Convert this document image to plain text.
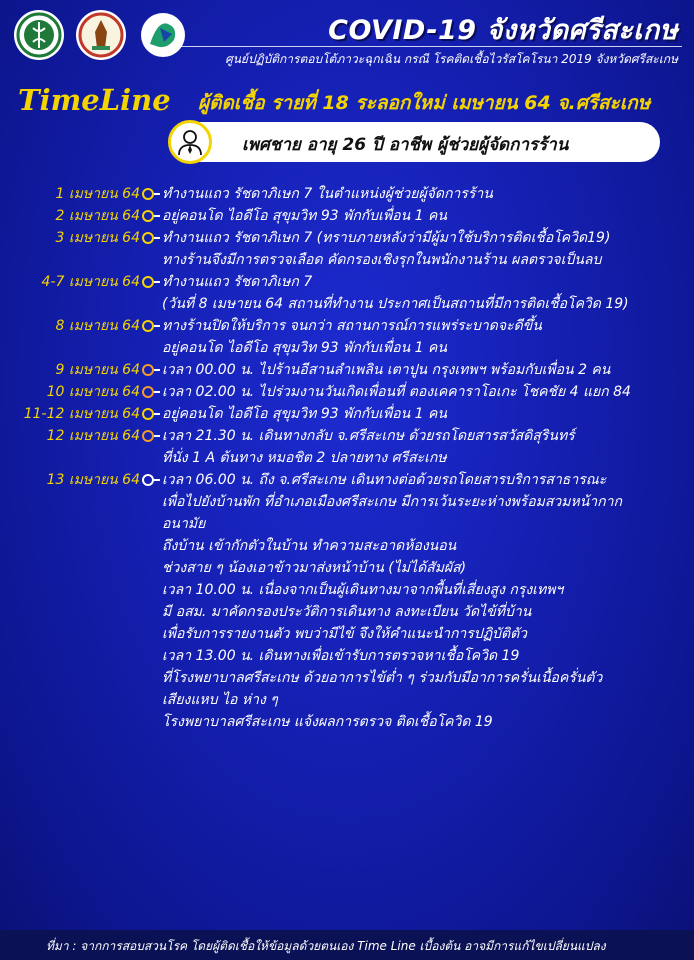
COVID-19 จังหวัดศรีสะเกษ
ศูนย์ปฏิบัติการตอบโต้ภาวะฉุกเฉิน กรณี โรคติดเชื้อไวรัสโคโรนา 2019 จังหวัดศรีสะเกษ
TimeLine ผู้ติดเชื้อ รายที่ 18 ระลอกใหม่ เมษายน 64 จ.ศรีสะเกษ
เพศชาย อายุ 26 ปี อาชีพ ผู้ช่วยผู้จัดการร้าน
1 เมษายน 64 ทำงานแถว รัชดาภิเษก 7 ในตำแหน่งผู้ช่วยผู้จัดการร้าน
2 เมษายน 64 อยู่คอนโด ไอดีโอ สุขุมวิท 93 พักกับเพื่อน 1 คน
3 เมษายน 64 ทำงานแถว รัชดาภิเษก 7 (ทราบภายหลังว่ามีผู้มาใช้บริการติดเชื้อโควิด19)
ทางร้านจึงมีการตรวจเลือด คัดกรองเชิงรุกในพนักงานร้าน ผลตรวจเป็นลบ
4-7 เมษายน 64 ทำงานแถว รัชดาภิเษก 7
(วันที่ 8 เมษายน 64 สถานที่ทำงาน ประกาศเป็นสถานที่มีการติดเชื้อโควิด 19)
8 เมษายน 64 ทางร้านปิดให้บริการ จนกว่า สถานการณ์การแพร่ระบาดจะดีขึ้น
อยู่คอนโด ไอดีโอ สุขุมวิท 93 พักกับเพื่อน 1 คน
9 เมษายน 64 เวลา 00.00 น. ไปร้านอีสานลำเพลิน เตาปูน กรุงเทพฯ พร้อมกับเพื่อน 2 คน
10 เมษายน 64 เวลา 02.00 น. ไปร่วมงานวันเกิดเพื่อนที่ ตองเคคาราโอเกะ โชคชัย 4 แยก 84
11-12 เมษายน 64 อยู่คอนโด ไอดีโอ สุขุมวิท 93 พักกับเพื่อน 1 คน
12 เมษายน 64 เวลา 21.30 น. เดินทางกลับ จ.ศรีสะเกษ ด้วยรถโดยสารสวัสดิสุรินทร์
ที่นั่ง 1 A ต้นทาง หมอชิต 2 ปลายทาง ศรีสะเกษ
13 เมษายน 64 เวลา 06.00 น. ถึง จ.ศรีสะเกษ เดินทางต่อด้วยรถโดยสารบริการสาธารณะ
เพื่อไปยังบ้านพัก ที่อำเภอเมืองศรีสะเกษ มีการเว้นระยะห่างพร้อมสวมหน้ากาก
อนามัย
ถึงบ้าน เข้ากักตัวในบ้าน ทำความสะอาดห้องนอน
ช่วงสาย ๆ น้องเอาข้าวมาส่งหน้าบ้าน (ไม่ได้สัมผัส)
เวลา 10.00 น. เนื่องจากเป็นผู้เดินทางมาจากพื้นที่เสี่ยงสูง กรุงเทพฯ
มี อสม. มาคัดกรองประวัติการเดินทาง ลงทะเบียน วัดไข้ที่บ้าน
เพื่อรับการรายงานตัว พบว่ามีไข้ จึงให้คำแนะนำการปฏิบัติตัว
เวลา 13.00 น. เดินทางเพื่อเข้ารับการตรวจหาเชื้อโควิด 19
ที่โรงพยาบาลศรีสะเกษ ด้วยอาการไข้ต่ำ ๆ ร่วมกับมีอาการครั่นเนื้อครั่นตัว
เสียงแหบ ไอ ห่าง ๆ
โรงพยาบาลศรีสะเกษ แจ้งผลการตรวจ ติดเชื้อโควิด 19
ที่มา : จากการสอบสวนโรค โดยผู้ติดเชื้อให้ข้อมูลด้วยตนเอง Time Line เบื้องต้น อาจมีการแก้ไขเปลี่ยนแปลง
